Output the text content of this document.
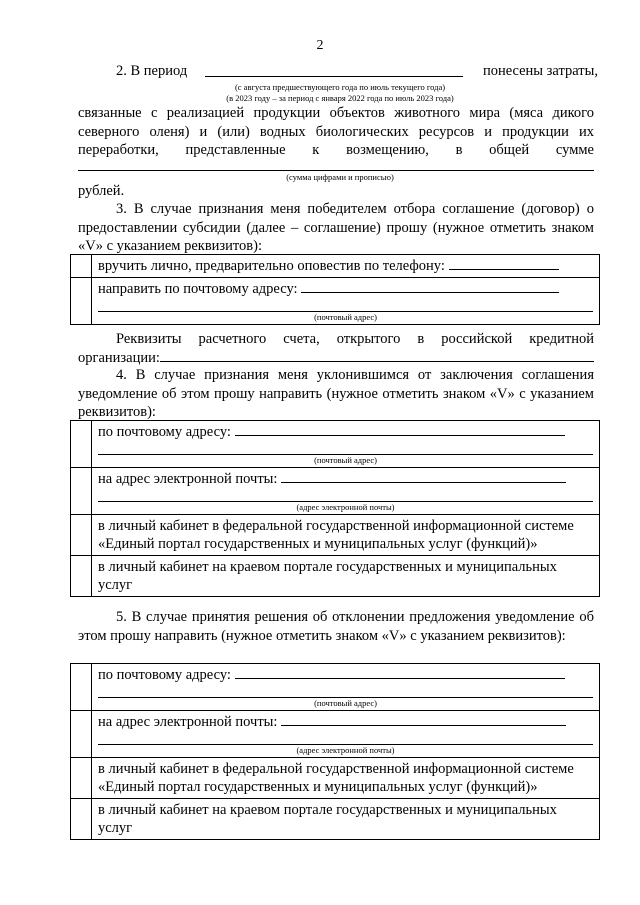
2
2. В период	понесены затраты,
(с августа предшествующего года по июль текущего года)
(в 2023 году – за период с января 2022 года по июль 2023 года)
связанные с реализацией продукции объектов животного мира (мяса дикого северного оленя) и (или) водных биологических ресурсов и продукции их переработки, представленные к возмещению, в общей сумме
(сумма цифрами и прописью)
рублей.
3. В случае признания меня победителем отбора соглашение (договор) о предоставлении субсидии (далее – соглашение) прошу (нужное отметить знаком «V» с указанием реквизитов):
	вручить лично, предварительно оповестив по телефону:
	направить по почтовому адресу:
(почтовый адрес)
Реквизиты расчетного счета, открытого в российской кредитной организации:
4. В случае признания меня уклонившимся от заключения соглашения уведомление об этом прошу направить (нужное отметить знаком «V» с указанием реквизитов):
	по почтовому адресу:
(почтовый адрес)

	на адрес электронной почты:
(адрес электронной почты)

	в личный кабинет в федеральной государственной информационной системе «Единый портал государственных и муниципальных услуг (функций)»
	в личный кабинет на краевом портале государственных и муниципальных услуг
5. В случае принятия решения об отклонении предложения уведомление об этом прошу направить (нужное отметить знаком «V» с указанием реквизитов):
	по почтовому адресу:
(почтовый адрес)

	на адрес электронной почты:
(адрес электронной почты)

	в личный кабинет в федеральной государственной информационной системе «Единый портал государственных и муниципальных услуг (функций)»
	в личный кабинет на краевом портале государственных и муниципальных услуг
